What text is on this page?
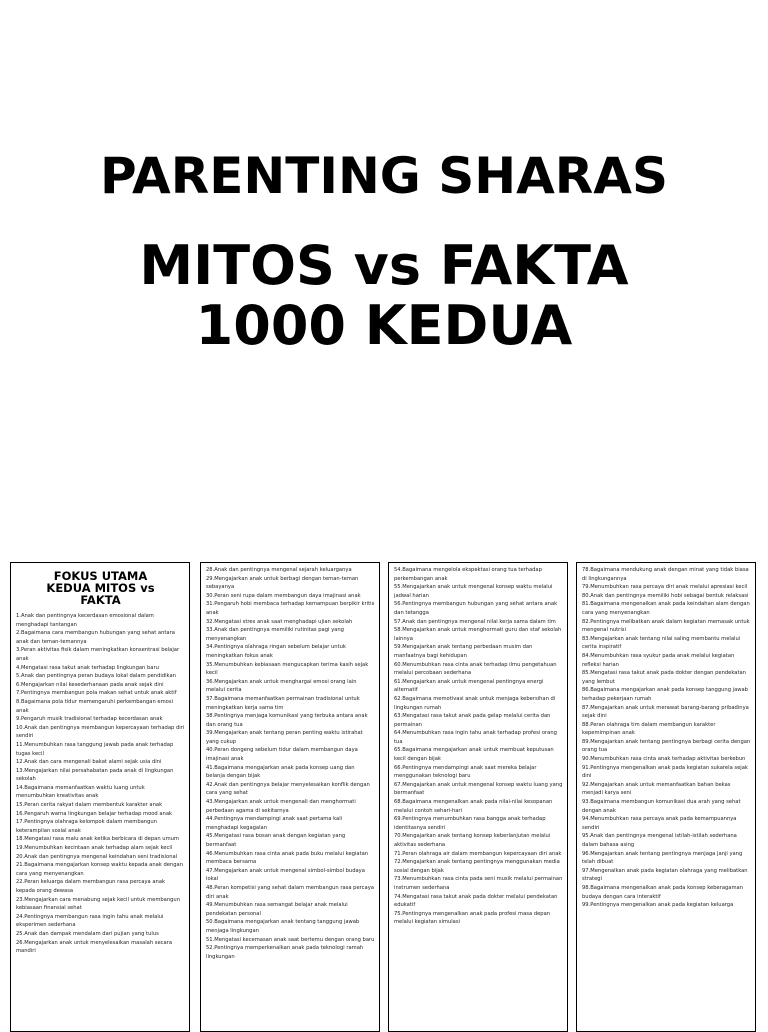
PARENTING SHARAS
MITOS vs FAKTA
1000 KEDUA
FOKUS UTAMA KEDUA MITOS vs FAKTA
1.Anak dan pentingnya kecerdasan emosional dalam menghadapi tantangan
2.Bagaimana cara membangun hubungan yang sehat antara anak dan teman-temannya
3.Peran aktivitas fisik dalam meningkatkan konsentrasi belajar anak
4.Mengatasi rasa takut anak terhadap lingkungan baru
5.Anak dan pentingnya peran budaya lokal dalam pendidikan
6.Mengajarkan nilai kesederhanaan pada anak sejak dini
7.Pentingnya membangun pola makan sehat untuk anak aktif
8.Bagaimana pola tidur memengaruhi perkembangan emosi anak
9.Pengaruh musik tradisional terhadap kecerdasan anak
10.Anak dan pentingnya membangun kepercayaan terhadap diri sendiri
11.Menumbuhkan rasa tanggung jawab pada anak terhadap tugas kecil
12.Anak dan cara mengenali bakat alami sejak usia dini
13.Mengajarkan nilai persahabatan pada anak di lingkungan sekolah
14.Bagaimana memanfaatkan waktu luang untuk menumbuhkan kreativitas anak
15.Peran cerita rakyat dalam membentuk karakter anak
16.Pengaruh warna lingkungan belajar terhadap mood anak
17.Pentingnya olahraga kelompok dalam membangun keterampilan sosial anak
18.Mengatasi rasa malu anak ketika berbicara di depan umum
19.Menumbuhkan kecintaan anak terhadap alam sejak kecil
20.Anak dan pentingnya mengenal keindahan seni tradisional
21.Bagaimana mengajarkan konsep waktu kepada anak dengan cara yang menyenangkan
22.Peran keluarga dalam membangun rasa percaya anak kepada orang dewasa
23.Mengajarkan cara menabung sejak kecil untuk membangun kebiasaan finansial sehat
24.Pentingnya membangun rasa ingin tahu anak melalui eksperimen sederhana
25.Anak dan dampak mendalam dari pujian yang tulus
26.Mengajarkan anak untuk menyelesaikan masalah secara mandiri
28.Anak dan pentingnya mengenal sejarah keluarganya
29.Mengajarkan anak untuk berbagi dengan teman-teman sebayanya
30.Peran seni rupa dalam membangun daya imajinasi anak
31.Pengaruh hobi membaca terhadap kemampuan berpikir kritis anak
32.Mengatasi stres anak saat menghadapi ujian sekolah
33.Anak dan pentingnya memiliki rutinitas pagi yang menyenangkan
34.Pentingnya olahraga ringan sebelum belajar untuk meningkatkan fokus anak
35.Menumbuhkan kebiasaan mengucapkan terima kasih sejak kecil
36.Mengajarkan anak untuk menghargai emosi orang lain melalui cerita
37.Bagaimana memanfaatkan permainan tradisional untuk meningkatkan kerja sama tim
38.Pentingnya menjaga komunikasi yang terbuka antara anak dan orang tua
39.Mengajarkan anak tentang peran penting waktu istirahat yang cukup
40.Peran dongeng sebelum tidur dalam membangun daya imajinasi anak
41.Bagaimana mengajarkan anak pada konsep uang dan belanja dengan bijak
42.Anak dan pentingnya belajar menyelesaikan konflik dengan cara yang sehat
43.Mengajarkan anak untuk mengenali dan menghormati perbedaan agama di sekitarnya
44.Pentingnya mendampingi anak saat pertama kali menghadapi kegagalan
45.Mengatasi rasa bosan anak dengan kegiatan yang bermanfaat
46.Menumbuhkan rasa cinta anak pada buku melalui kegiatan membaca bersama
47.Mengajarkan anak untuk mengenal simbol-simbol budaya lokal
48.Peran kompetisi yang sehat dalam membangun rasa percaya diri anak
49.Menumbuhkan rasa semangat belajar anak melalui pendekatan personal
50.Bagaimana mengajarkan anak tentang tanggung jawab menjaga lingkungan
51.Mengatasi kecemasan anak saat bertemu dengan orang baru
52.Pentingnya memperkenalkan anak pada teknologi ramah lingkungan
54.Bagaimana mengelola ekspektasi orang tua terhadap perkembangan anak
55.Mengajarkan anak untuk mengenal konsep waktu melalui jadwal harian
56.Pentingnya membangun hubungan yang sehat antara anak dan tetangga
57.Anak dan pentingnya mengenal nilai kerja sama dalam tim
58.Mengajarkan anak untuk menghormati guru dan staf sekolah lainnya
59.Mengajarkan anak tentang perbedaan musim dan manfaatnya bagi kehidupan
60.Menumbuhkan rasa cinta anak terhadap ilmu pengetahuan melalui percobaan sederhana
61.Mengajarkan anak untuk mengenal pentingnya energi alternatif
62.Bagaimana memotivasi anak untuk menjaga kebersihan di lingkungan rumah
63.Mengatasi rasa takut anak pada gelap melalui cerita dan permainan
64.Menumbuhkan rasa ingin tahu anak terhadap profesi orang tua
65.Bagaimana mengajarkan anak untuk membuat keputusan kecil dengan bijak
66.Pentingnya mendampingi anak saat mereka belajar menggunakan teknologi baru
67.Mengajarkan anak untuk mengenal konsep waktu luang yang bermanfaat
68.Bagaimana mengenalkan anak pada nilai-nilai kesopanan melalui contoh sehari-hari
69.Pentingnya menumbuhkan rasa bangga anak terhadap identitasnya sendiri
70.Mengajarkan anak tentang konsep keberlanjutan melalui aktivitas sederhana
71.Peran olahraga air dalam membangun kepercayaan diri anak
72.Mengajarkan anak tentang pentingnya menggunakan media sosial dengan bijak
73.Menumbuhkan rasa cinta pada seni musik melalui permainan instrumen sederhana
74.Mengatasi rasa takut anak pada dokter melalui pendekatan edukatif
75.Pentingnya mengenalkan anak pada profesi masa depan melalui kegiatan simulasi
78.Bagaimana mendukung anak dengan minat yang tidak biasa di lingkungannya
79.Menumbuhkan rasa percaya diri anak melalui apresiasi kecil
80.Anak dan pentingnya memiliki hobi sebagai bentuk relaksasi
81.Bagaimana mengenalkan anak pada keindahan alam dengan cara yang menyenangkan
82.Pentingnya melibatkan anak dalam kegiatan memasak untuk mengenal nutrisi
83.Mengajarkan anak tentang nilai saling membantu melalui cerita inspiratif
84.Menumbuhkan rasa syukur pada anak melalui kegiatan refleksi harian
85.Mengatasi rasa takut anak pada dokter dengan pendekatan yang lembut
86.Bagaimana mengajarkan anak pada konsep tanggung jawab terhadap pekerjaan rumah
87.Mengajarkan anak untuk merawat barang-barang pribadinya sejak dini
88.Peran olahraga tim dalam membangun karakter kepemimpinan anak
89.Mengajarkan anak tentang pentingnya berbagi cerita dengan orang tua
90.Menumbuhkan rasa cinta anak terhadap aktivitas berkebun
91.Pentingnya mengenalkan anak pada kegiatan sukarela sejak dini
92.Mengajarkan anak untuk memanfaatkan bahan bekas menjadi karya seni
93.Bagaimana membangun komunikasi dua arah yang sehat dengan anak
94.Menumbuhkan rasa percaya anak pada kemampuannya sendiri
95.Anak dan pentingnya mengenal istilah-istilah sederhana dalam bahasa asing
96.Mengajarkan anak tentang pentingnya menjaga janji yang telah dibuat
97.Mengenalkan anak pada kegiatan olahraga yang melibatkan strategi
98.Bagaimana mengenalkan anak pada konsep keberagaman budaya dengan cara interaktif
99.Pentingnya mengenalkan anak pada kegiatan keluarga
